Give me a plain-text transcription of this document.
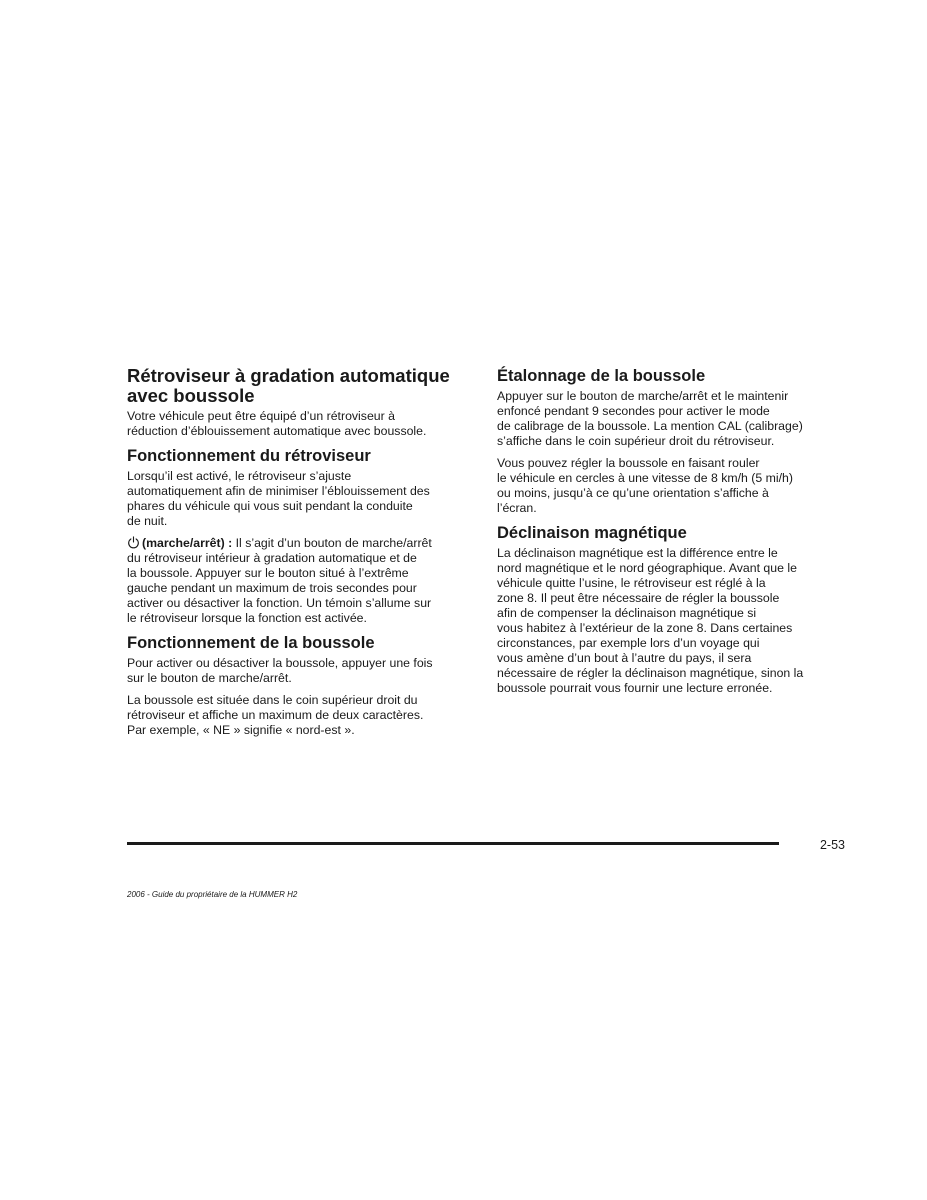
Rétroviseur à gradation automatique
avec boussole

Votre véhicule peut être équipé d’un rétroviseur à
réduction d’éblouissement automatique avec boussole.

Fonctionnement du rétroviseur

Lorsqu’il est activé, le rétroviseur s’ajuste
automatiquement afin de minimiser l’éblouissement des
phares du véhicule qui vous suit pendant la conduite
de nuit.

(marche/arrêt) : Il s’agit d’un bouton de marche/arrêt
du rétroviseur intérieur à gradation automatique et de
la boussole. Appuyer sur le bouton situé à l’extrême
gauche pendant un maximum de trois secondes pour
activer ou désactiver la fonction. Un témoin s’allume sur
le rétroviseur lorsque la fonction est activée.

Fonctionnement de la boussole

Pour activer ou désactiver la boussole, appuyer une fois
sur le bouton de marche/arrêt.

La boussole est située dans le coin supérieur droit du
rétroviseur et affiche un maximum de deux caractères.
Par exemple, « NE » signifie « nord-est ».

Étalonnage de la boussole

Appuyer sur le bouton de marche/arrêt et le maintenir
enfoncé pendant 9 secondes pour activer le mode
de calibrage de la boussole. La mention CAL (calibrage)
s’affiche dans le coin supérieur droit du rétroviseur.

Vous pouvez régler la boussole en faisant rouler
le véhicule en cercles à une vitesse de 8 km/h (5 mi/h)
ou moins, jusqu’à ce qu’une orientation s’affiche à
l’écran.

Déclinaison magnétique

La déclinaison magnétique est la différence entre le
nord magnétique et le nord géographique. Avant que le
véhicule quitte l’usine, le rétroviseur est réglé à la
zone 8. Il peut être nécessaire de régler la boussole
afin de compenser la déclinaison magnétique si
vous habitez à l’extérieur de la zone 8. Dans certaines
circonstances, par exemple lors d’un voyage qui
vous amène d’un bout à l’autre du pays, il sera
nécessaire de régler la déclinaison magnétique, sinon la
boussole pourrait vous fournir une lecture erronée.

2-53
2006 - Guide du propriétaire de la HUMMER H2
